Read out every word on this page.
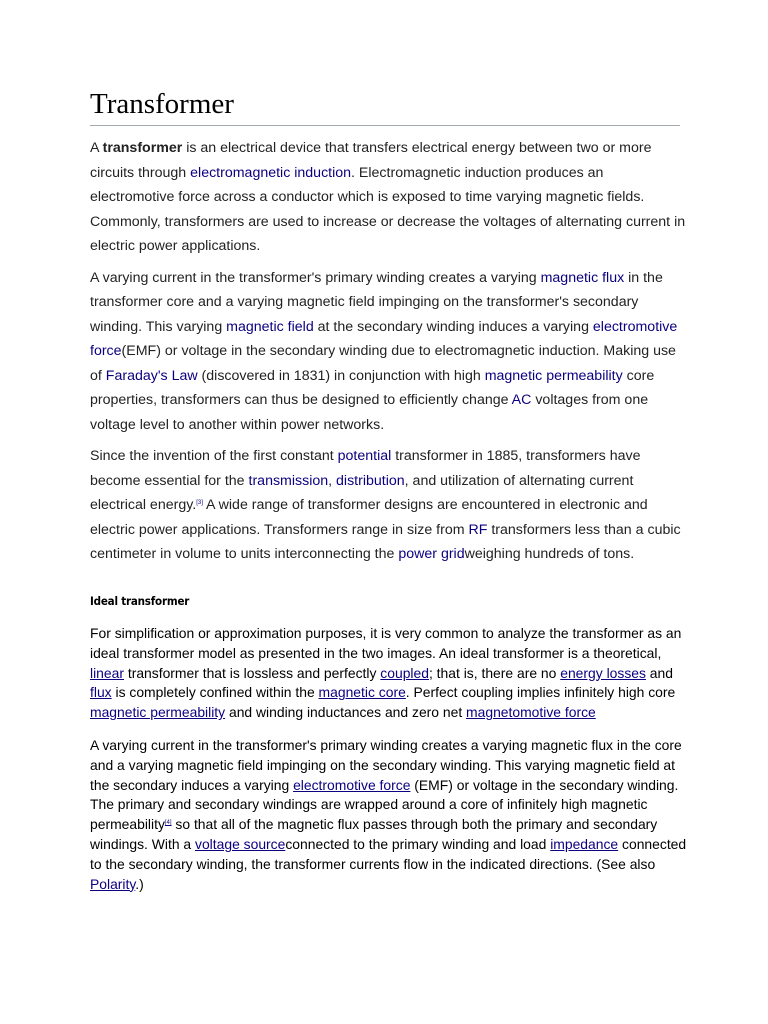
Transformer

A transformer is an electrical device that transfers electrical energy between two or more circuits through electromagnetic induction. Electromagnetic induction produces an electromotive force across a conductor which is exposed to time varying magnetic fields. Commonly, transformers are used to increase or decrease the voltages of alternating current in electric power applications.

A varying current in the transformer's primary winding creates a varying magnetic flux in the transformer core and a varying magnetic field impinging on the transformer's secondary winding. This varying magnetic field at the secondary winding induces a varying electromotive force(EMF) or voltage in the secondary winding due to electromagnetic induction. Making use of Faraday's Law (discovered in 1831) in conjunction with high magnetic permeability core properties, transformers can thus be designed to efficiently change AC voltages from one voltage level to another within power networks.

Since the invention of the first constant potential transformer in 1885, transformers have become essential for the transmission, distribution, and utilization of alternating current electrical energy.[3] A wide range of transformer designs are encountered in electronic and electric power applications. Transformers range in size from RF transformers less than a cubic centimeter in volume to units interconnecting the power gridweighing hundreds of tons.

Ideal transformer

For simplification or approximation purposes, it is very common to analyze the transformer as an ideal transformer model as presented in the two images. An ideal transformer is a theoretical, linear transformer that is lossless and perfectly coupled; that is, there are no energy losses and flux is completely confined within the magnetic core. Perfect coupling implies infinitely high core magnetic permeability and winding inductances and zero net magnetomotive force

A varying current in the transformer's primary winding creates a varying magnetic flux in the core and a varying magnetic field impinging on the secondary winding. This varying magnetic field at the secondary induces a varying electromotive force (EMF) or voltage in the secondary winding. The primary and secondary windings are wrapped around a core of infinitely high magnetic permeability[4] so that all of the magnetic flux passes through both the primary and secondary windings. With a voltage sourceconnected to the primary winding and load impedance connected to the secondary winding, the transformer currents flow in the indicated directions. (See also Polarity.)
